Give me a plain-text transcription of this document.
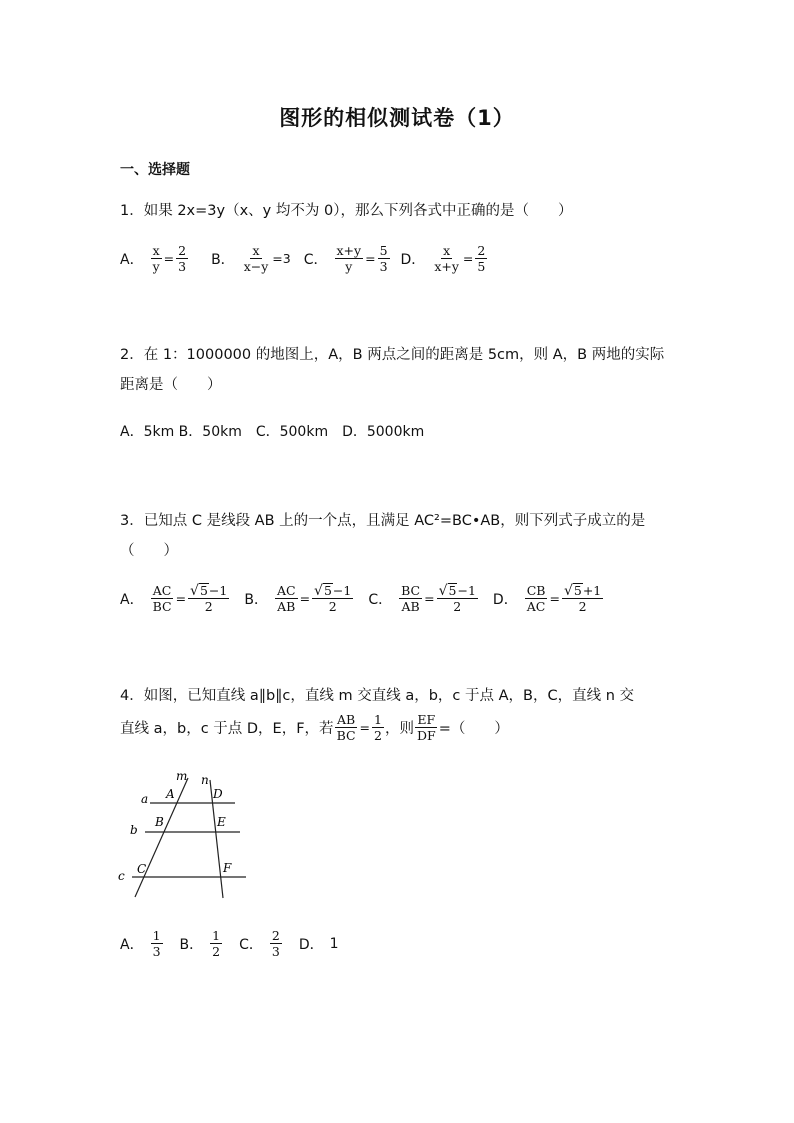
图形的相似测试卷（1）
一、选择题
1．如果 2x=3y（x、y 均不为 0），那么下列各式中正确的是（　　）
A． $\frac{x}{y} = \frac{2}{3}$ B． $\frac{x}{x-y} =3$ C． $\frac{x+y}{y} = \frac{5}{3}$ D． $\frac{x}{x+y} = \frac{2}{5}$
2．在 1：1000000 的地图上，A，B 两点之间的距离是 5cm，则 A，B 两地的实际
距离是（　　）
A．5km B．50km　C．500km　D．5000km
3．已知点 C 是线段 AB 上的一个点，且满足 AC²=BC•AB，则下列式子成立的是
（　　）
A． $\frac{AC}{BC} = \frac{√ 5 -1}{2}$ B． $\frac{AC}{AB} = \frac{√ 5 -1}{2}$ C． $\frac{BC}{AB} = \frac{√ 5 -1}{2}$ D． $\frac{CB}{AC} = \frac{√ 5 +1}{2}$
4．如图，已知直线 a∥b∥c，直线 m 交直线 a，b，c 于点 A，B，C，直线 n 交
直线 a，b，c 于点 D，E，F，若 $\frac{AB}{BC} = \frac{1}{2}$ ，则 $\frac{EF}{DF}$ =（　　）
m n
a
b
c
A
B
C
D
E
F
A． $\frac{1}{3}$ B． $\frac{1}{2}$ C． $\frac{2}{3}$ D． 1
